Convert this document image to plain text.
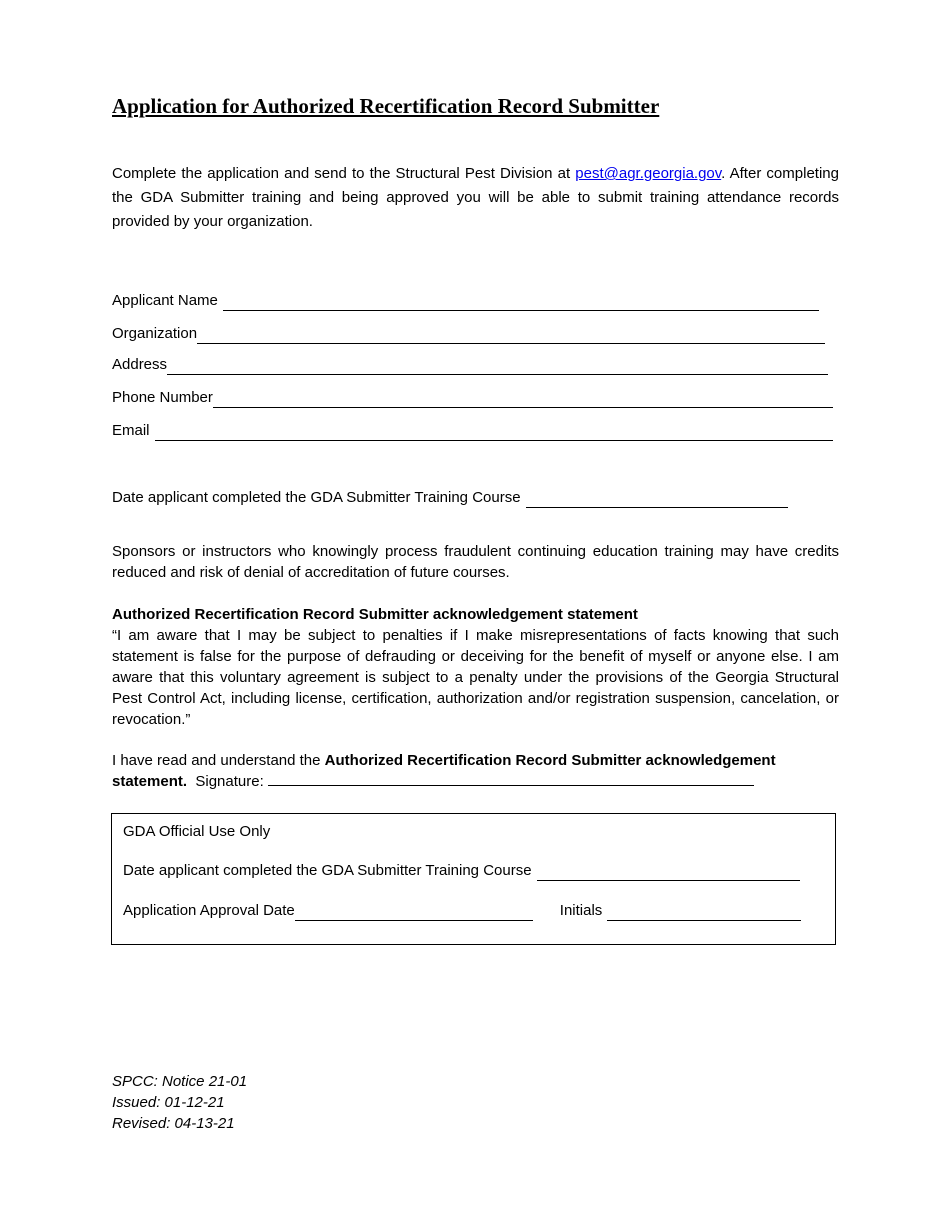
Application for Authorized Recertification Record Submitter

Complete the application and send to the Structural Pest Division at pest@agr.georgia.gov. After completing the GDA Submitter training and being approved you will be able to submit training attendance records provided by your organization.

Applicant Name
Organization
Address
Phone Number
Email
Date applicant completed the GDA Submitter Training Course

Sponsors or instructors who knowingly process fraudulent continuing education training may have credits reduced and risk of denial of accreditation of future courses.

Authorized Recertification Record Submitter acknowledgement statement

“I am aware that I may be subject to penalties if I make misrepresentations of facts knowing that such statement is false for the purpose of defrauding or deceiving for the benefit of myself or anyone else. I am aware that this voluntary agreement is subject to a penalty under the provisions of the Georgia Structural Pest Control Act, including license, certification, authorization and/or registration suspension, cancelation, or revocation.”

I have read and understand the Authorized Recertification Record Submitter acknowledgement statement. Signature:

GDA Official Use Only
Date applicant completed the GDA Submitter Training Course
Application Approval Date	Initials
SPCC: Notice 21-01
Issued: 01-12-21
Revised: 04-13-21
